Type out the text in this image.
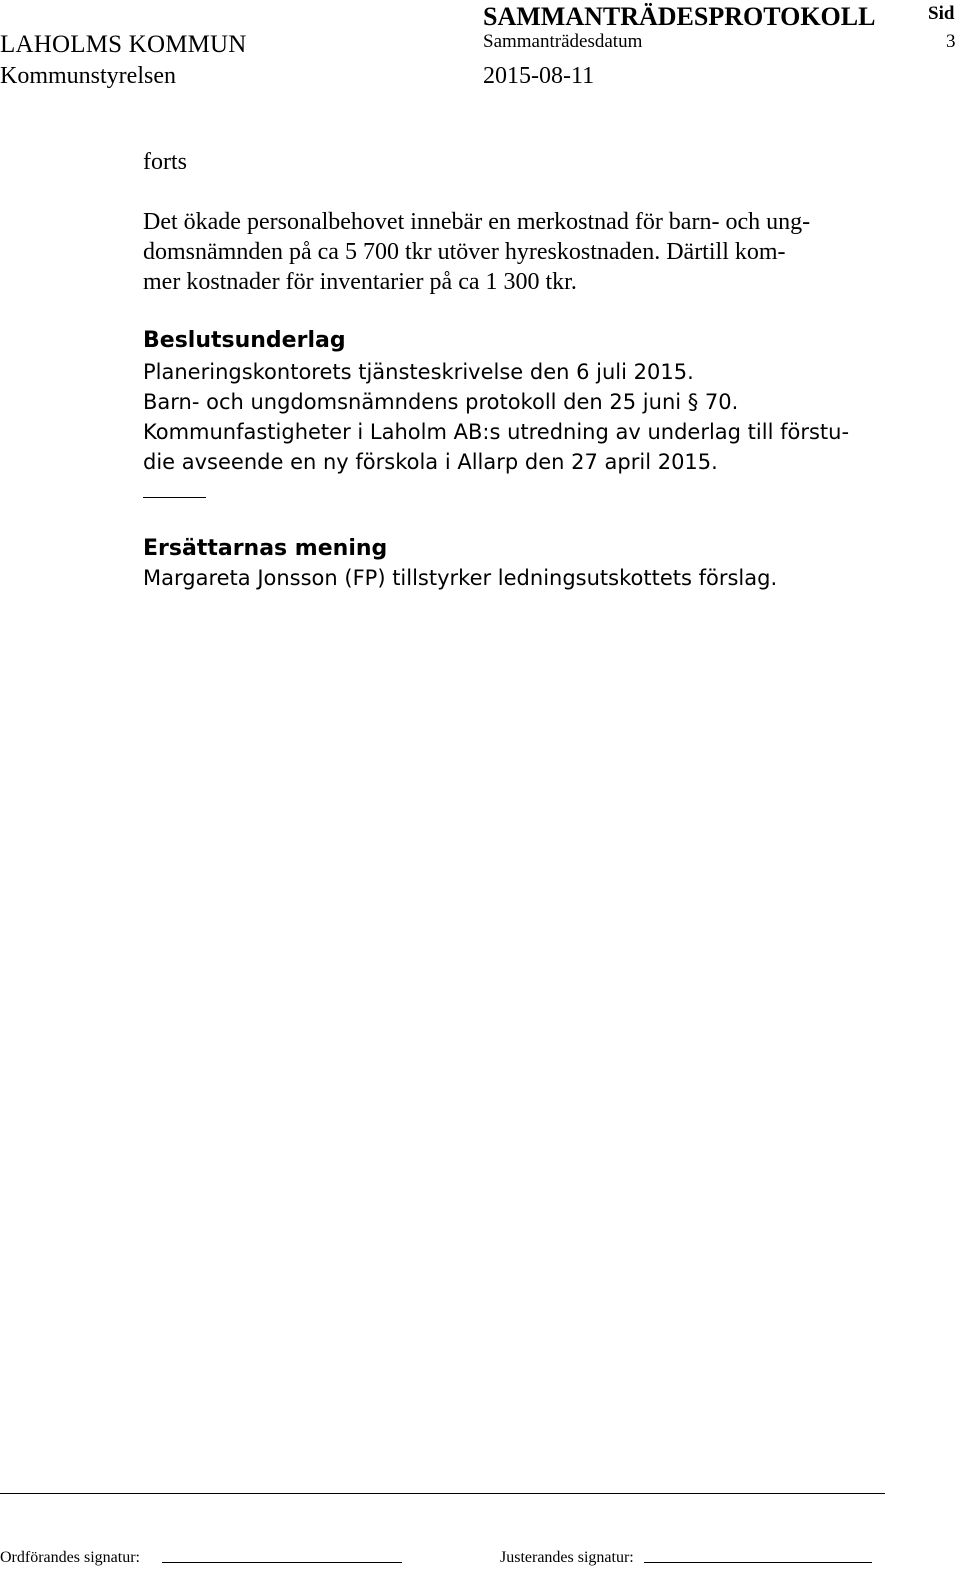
LAHOLMS KOMMUN
Kommunstyrelsen
SAMMANTRÄDESPROTOKOLL
Sammanträdesdatum
2015-08-11
Sid
3
forts
Det ökade personalbehovet innebär en merkostnad för barn- och ung-
domsnämnden på ca 5 700 tkr utöver hyreskostnaden. Därtill kom-
mer kostnader för inventarier på ca 1 300 tkr.
Beslutsunderlag
Planeringskontorets tjänsteskrivelse den 6 juli 2015.
Barn- och ungdomsnämndens protokoll den 25 juni § 70.
Kommunfastigheter i Laholm AB:s utredning av underlag till förstu-
die avseende en ny förskola i Allarp den 27 april 2015.
Ersättarnas mening
Margareta Jonsson (FP) tillstyrker ledningsutskottets förslag.
Ordförandes signatur:	Justerandes signatur:
